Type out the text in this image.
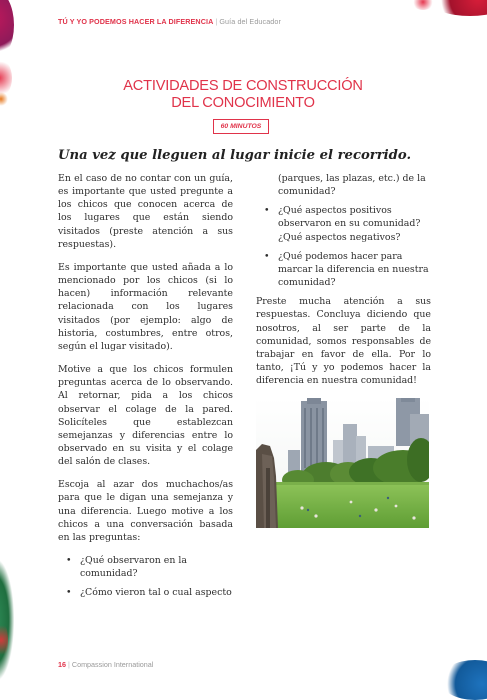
TÚ Y YO PODEMOS HACER LA DIFERENCIA | Guía del Educador
ACTIVIDADES DE CONSTRUCCIÓN
DEL CONOCIMIENTO
60 MINUTOS
Una vez que lleguen al lugar inicie el recorrido.

En el caso de no contar con un guía, es importante que usted pregunte a los chicos que conocen acerca de los lugares que están siendo visitados (preste atención a sus respuestas).

Es importante que usted añada a lo mencionado por los chicos (si lo hacen) información relevante relacionada con los lugares visitados (por ejemplo: algo de historia, costumbres, entre otros, según el lugar visitado).

Motive a que los chicos formulen preguntas acerca de lo observando. Al retornar, pida a los chicos observar el colage de la pared. Solicíteles que establezcan semejanzas y diferencias entre lo observado en su visita y el colage del salón de clases.

Escoja al azar dos muchachos/as para que le digan una semejanza y una diferencia. Luego motive a los chicos a una conversación basada en las preguntas:

• ¿Qué observaron en la comunidad?
• ¿Cómo vieron tal o cual aspecto
(parques, las plazas, etc.) de la comunidad?
• ¿Qué aspectos positivos observaron en su comunidad? ¿Qué aspectos negativos?
• ¿Qué podemos hacer para marcar la diferencia en nuestra comunidad?

Preste mucha atención a sus respuestas. Concluya diciendo que nosotros, al ser parte de la comunidad, somos responsables de trabajar en favor de ella. Por lo tanto, ¡Tú y yo podemos hacer la diferencia en nuestra comunidad!

16 | Compassion International
